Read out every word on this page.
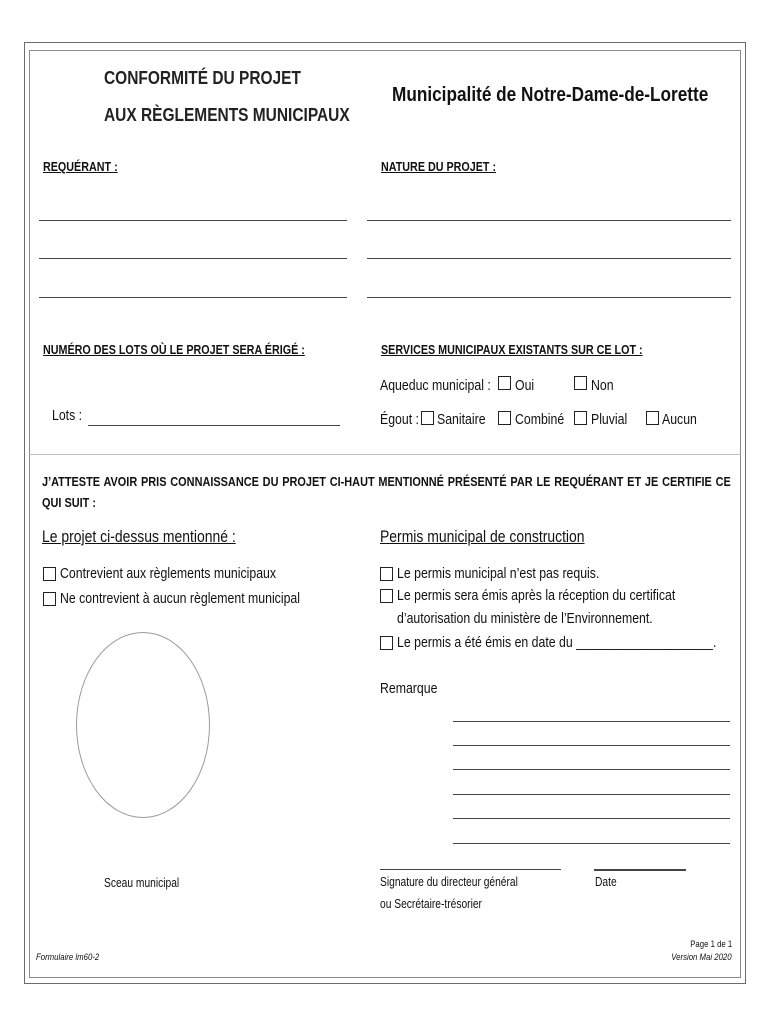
CONFORMITÉ DU PROJET
AUX RÈGLEMENTS MUNICIPAUX
Municipalité de Notre-Dame-de-Lorette
REQUÉRANT :	NATURE DU PROJET :
NUMÉRO DES LOTS OÙ LE PROJET SERA ÉRIGÉ :	SERVICES MUNICIPAUX EXISTANTS SUR CE LOT :
Lots :
Aqueduc municipal : Oui	Non
Égout : Sanitaire Combiné Pluvial Aucun
J’ATTESTE AVOIR PRIS CONNAISSANCE DU PROJET CI-HAUT MENTIONNÉ PRÉSENTÉ PAR LE REQUÉRANT ET JE CERTIFIE CE QUI SUIT :
Le projet ci-dessus mentionné :	Permis municipal de construction
Contrevient aux règlements municipaux
Ne contrevient à aucun règlement municipal
Le permis municipal n’est pas requis.
Le permis sera émis après la réception du certificat
d’autorisation du ministère de l’Environnement.
Le permis a été émis en date du ____________________.
Sceau municipal
Remarque
Signature du directeur général
ou Secrétaire-trésorier
Date
Formulaire lm60-2
Page 1 de 1
Version Mai 2020
